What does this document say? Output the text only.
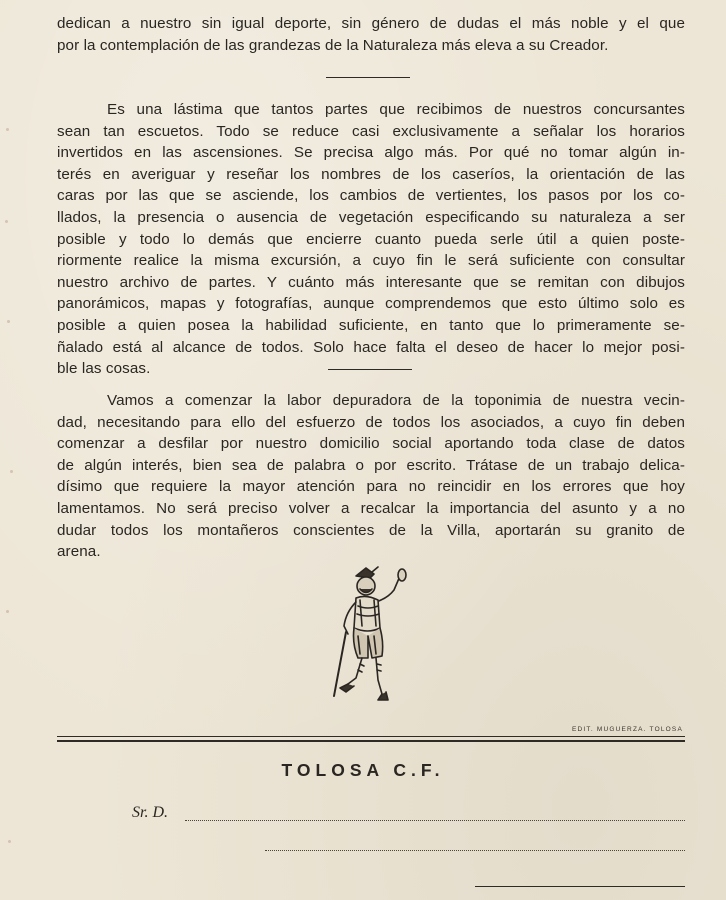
dedican a nuestro sin igual deporte, sin género de dudas el más noble y el que
por la contemplación de las grandezas de la Naturaleza más eleva a su Creador.
Es una lástima que tantos partes que recibimos de nuestros concursantes
sean tan escuetos. Todo se reduce casi exclusivamente a señalar los horarios
invertidos en las ascensiones. Se precisa algo más. Por qué no tomar algún in-
terés en averiguar y reseñar los nombres de los caseríos, la orientación de las
caras por las que se asciende, los cambios de vertientes, los pasos por los co-
llados, la presencia o ausencia de vegetación especificando su naturaleza a ser
posible y todo lo demás que encierre cuanto pueda serle útil a quien poste-
riormente realice la misma excursión, a cuyo fin le será suficiente con consultar
nuestro archivo de partes. Y cuánto más interesante que se remitan con dibujos
panorámicos, mapas y fotografías, aunque comprendemos que esto último solo es
posible a quien posea la habilidad suficiente, en tanto que lo primeramente se-
ñalado está al alcance de todos. Solo hace falta el deseo de hacer lo mejor posi-
ble las cosas.
Vamos a comenzar la labor depuradora de la toponimia de nuestra vecin-
dad, necesitando para ello del esfuerzo de todos los asociados, a cuyo fin deben
comenzar a desfilar por nuestro domicilio social aportando toda clase de datos
de algún interés, bien sea de palabra o por escrito. Trátase de un trabajo delica-
dísimo que requiere la mayor atención para no reincidir en los errores que hoy
lamentamos. No será preciso volver a recalcar la importancia del asunto y a no
dudar todos los montañeros conscientes de la Villa, aportarán su granito de
arena.
EDIT. MUGUERZA. TOLOSA
TOLOSA C.F.
Sr. D.
